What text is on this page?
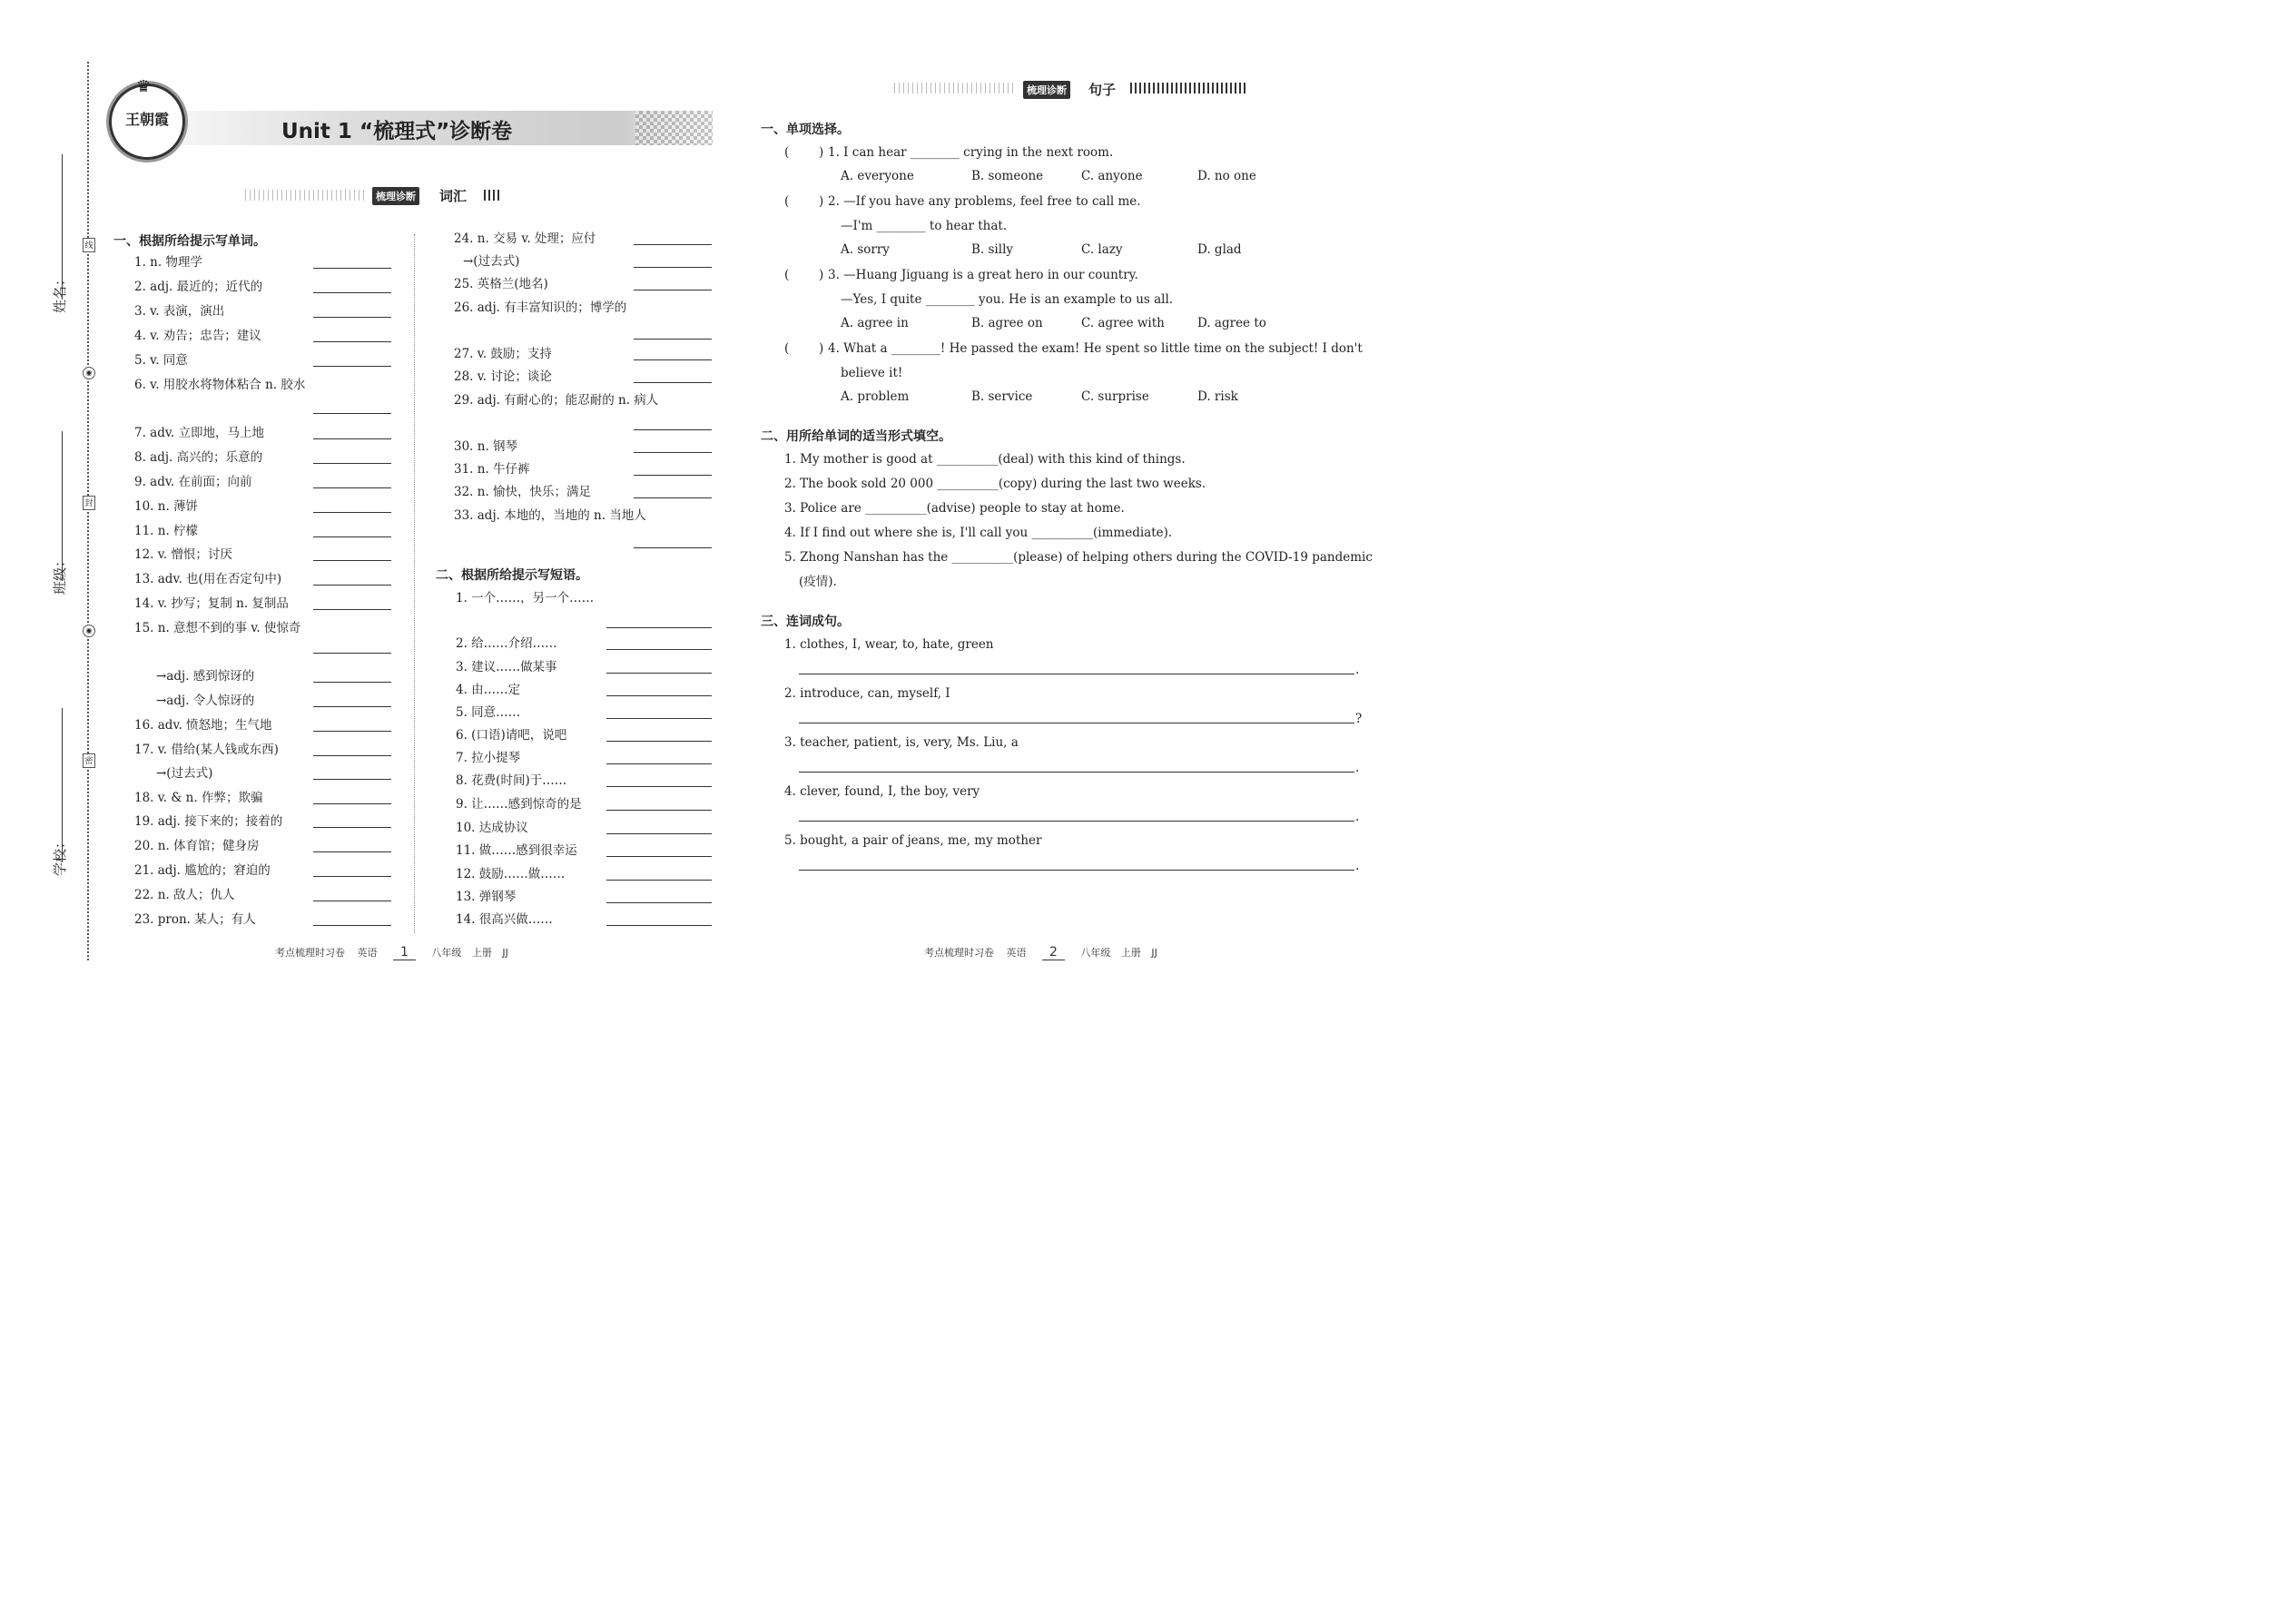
姓名：
班级：
学校：
线
封
密
◉
◉
♛
王朝霞
Unit 1 “梳理式”诊断卷
梳理诊断 词汇
梳理诊断 句子
一、根据所给提示写单词。
1. n. 物理学
2. adj. 最近的；近代的
3. v. 表演，演出
4. v. 劝告；忠告；建议
5. v. 同意
6. v. 用胶水将物体粘合 n. 胶水
7. adv. 立即地，马上地
8. adj. 高兴的；乐意的
9. adv. 在前面；向前
10. n. 薄饼
11. n. 柠檬
12. v. 憎恨；讨厌
13. adv. 也(用在否定句中)
14. v. 抄写；复制 n. 复制品
15. n. 意想不到的事 v. 使惊奇
→adj. 感到惊讶的
→adj. 令人惊讶的
16. adv. 愤怒地；生气地
17. v. 借给(某人钱或东西)
→(过去式)
18. v. & n. 作弊；欺骗
19. adj. 接下来的；接着的
20. n. 体育馆；健身房
21. adj. 尴尬的；窘迫的
22. n. 敌人；仇人
23. pron. 某人；有人
24. n. 交易 v. 处理；应付
→(过去式)
25. 英格兰(地名)
26. adj. 有丰富知识的；博学的
27. v. 鼓励；支持
28. v. 讨论；谈论
29. adj. 有耐心的；能忍耐的 n. 病人
30. n. 钢琴
31. n. 牛仔裤
32. n. 愉快，快乐；满足
33. adj. 本地的，当地的 n. 当地人
二、根据所给提示写短语。
1. 一个……，另一个……
2. 给……介绍……
3. 建议……做某事
4. 由……定
5. 同意……
6. (口语)请吧，说吧
7. 拉小提琴
8. 花费(时间)于……
9. 让……感到惊奇的是
10. 达成协议
11. 做……感到很幸运
12. 鼓励……做……
13. 弹钢琴
14. 很高兴做……
一、单项选择。
( ) 1. I can hear ________ crying in the next room.
A. everyone	B. someone	C. anyone	D. no one
( ) 2. —If you have any problems, feel free to call me.
—I'm ________ to hear that.
A. sorry	B. silly	C. lazy	D. glad
( ) 3. —Huang Jiguang is a great hero in our country.
—Yes, I quite ________ you. He is an example to us all.
A. agree in	B. agree on	C. agree with	D. agree to
( ) 4. What a ________! He passed the exam! He spent so little time on the subject! I don't
believe it!
A. problem	B. service	C. surprise	D. risk
二、用所给单词的适当形式填空。
1. My mother is good at __________(deal) with this kind of things.
2. The book sold 20 000 __________(copy) during the last two weeks.
3. Police are __________(advise) people to stay at home.
4. If I find out where she is, I'll call you __________(immediate).
5. Zhong Nanshan has the __________(please) of helping others during the COVID-19 pandemic
(疫情).
三、连词成句。
1. clothes, I, wear, to, hate, green
.
2. introduce, can, myself, I
?
3. teacher, patient, is, very, Ms. Liu, a
.
4. clever, found, I, the boy, very
.
5. bought, a pair of jeans, me, my mother
.
考点梳理时习卷 英语 1 八年级 上册 JJ	考点梳理时习卷 英语 2 八年级 上册 JJ
